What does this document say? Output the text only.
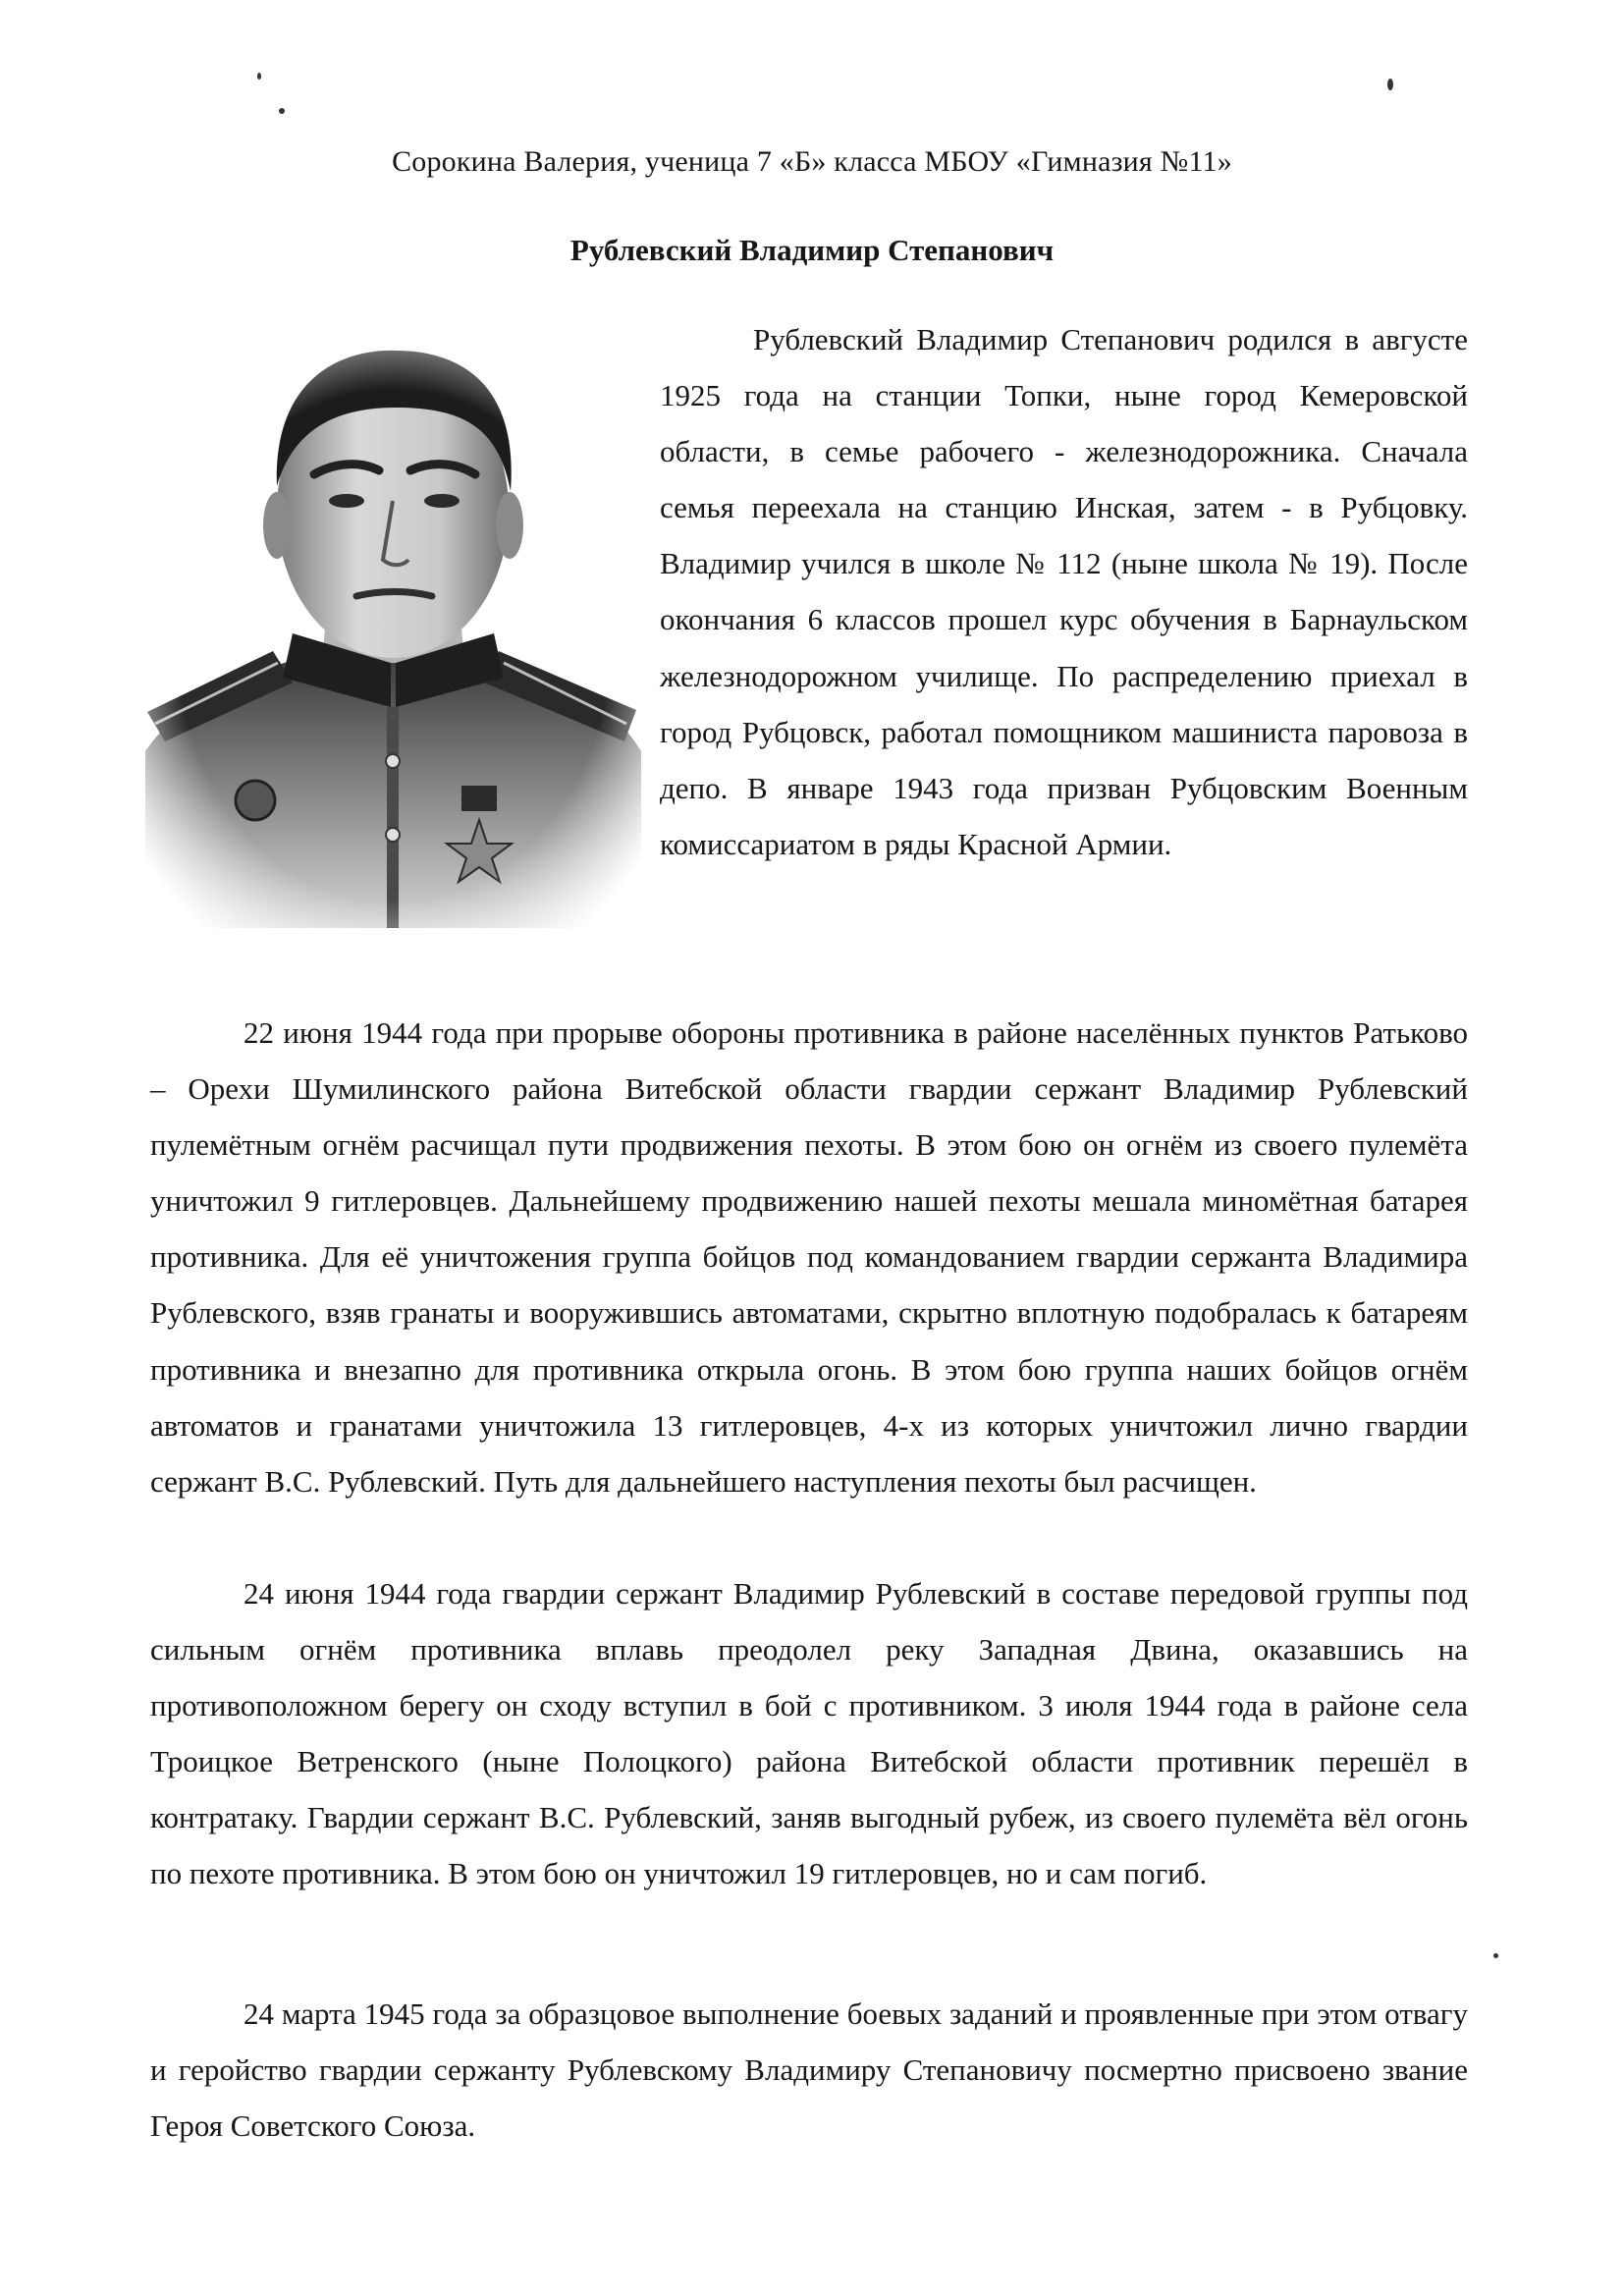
Сорокина Валерия, ученица 7 «Б» класса МБОУ «Гимназия №11»
Рублевский Владимир Степанович

Рублевский Владимир Степанович родился в августе 1925 года на станции Топки, ныне город Кемеровской области, в семье рабочего - железнодорожника. Сначала семья переехала на станцию Инская, затем - в Рубцовку. Владимир учился в школе № 112 (ныне школа № 19). После окончания 6 классов прошел курс обучения в Барнаульском железнодорожном училище. По распределению приехал в город Рубцовск, работал помощником машиниста паровоза в депо. В январе 1943 года призван Рубцовским Военным комиссариатом в ряды Красной Армии.

22 июня 1944 года при прорыве обороны противника в районе населённых пунктов Ратьково – Орехи Шумилинского района Витебской области гвардии сержант Владимир Рублевский пулемётным огнём расчищал пути продвижения пехоты. В этом бою он огнём из своего пулемёта уничтожил 9 гитлеровцев. Дальнейшему продвижению нашей пехоты мешала миномётная батарея противника. Для её уничтожения группа бойцов под командованием гвардии сержанта Владимира Рублевского, взяв гранаты и вооружившись автоматами, скрытно вплотную подобралась к батареям противника и внезапно для противника открыла огонь. В этом бою группа наших бойцов огнём автоматов и гранатами уничтожила 13 гитлеровцев, 4-х из которых уничтожил лично гвардии сержант В.С. Рублевский. Путь для дальнейшего наступления пехоты был расчищен.

24 июня 1944 года гвардии сержант Владимир Рублевский в составе передовой группы под сильным огнём противника вплавь преодолел реку Западная Двина, оказавшись на противоположном берегу он сходу вступил в бой с противником. 3 июля 1944 года в районе села Троицкое Ветренского (ныне Полоцкого) района Витебской области противник перешёл в контратаку. Гвардии сержант В.С. Рублевский, заняв выгодный рубеж, из своего пулемёта вёл огонь по пехоте противника. В этом бою он уничтожил 19 гитлеровцев, но и сам погиб.

24 марта 1945 года за образцовое выполнение боевых заданий и проявленные при этом отвагу и геройство гвардии сержанту Рублевскому Владимиру Степановичу посмертно присвоено звание Героя Советского Союза.
